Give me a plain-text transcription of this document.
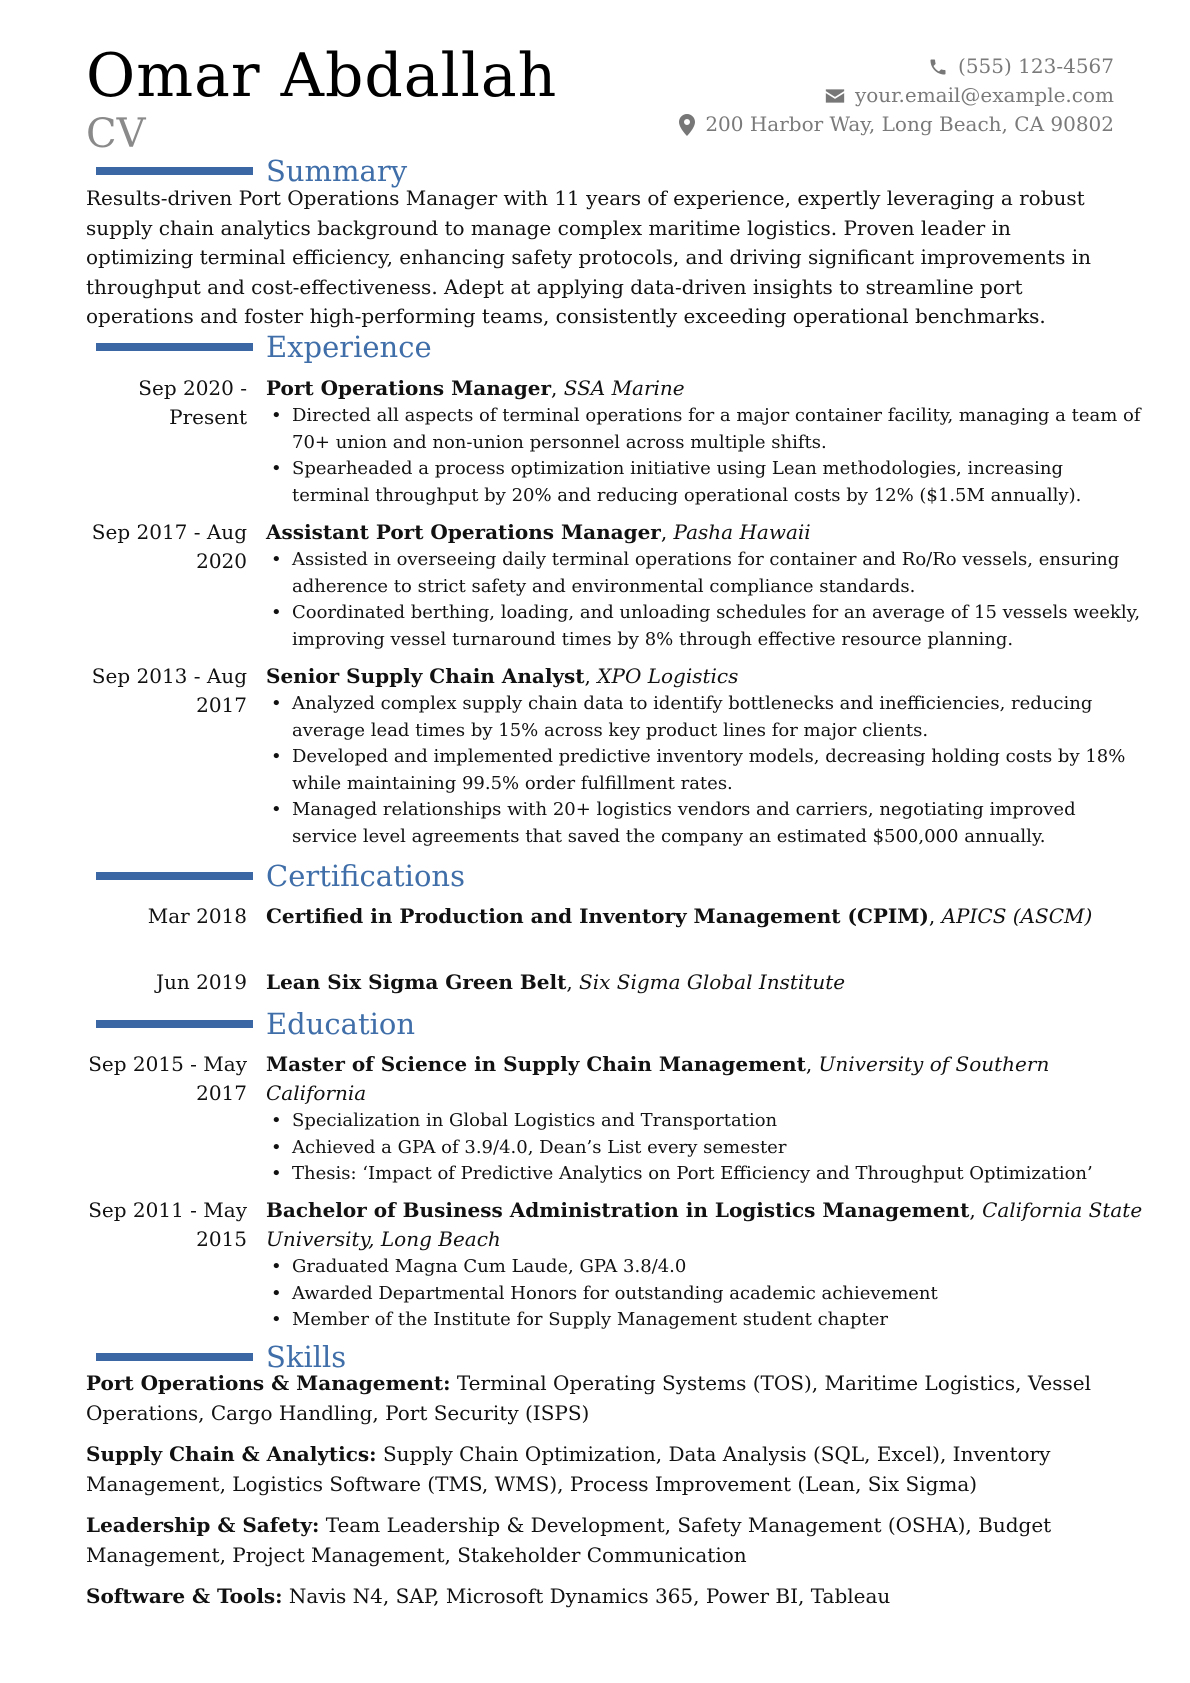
Omar Abdallah
CV
(555) 123-4567
your.email@example.com
200 Harbor Way, Long Beach, CA 90802
Summary
Results-driven Port Operations Manager with 11 years of experience, expertly leveraging a robust supply chain analytics background to manage complex maritime logistics. Proven leader in optimizing terminal efficiency, enhancing safety protocols, and driving significant improvements in throughput and cost-effectiveness. Adept at applying data-driven insights to streamline port operations and foster high-performing teams, consistently exceeding operational benchmarks.
Experience
Sep 2020 - Present
Port Operations Manager, SSA Marine
• Directed all aspects of terminal operations for a major container facility, managing a team of 70+ union and non-union personnel across multiple shifts.
• Spearheaded a process optimization initiative using Lean methodologies, increasing terminal throughput by 20% and reducing operational costs by 12% ($1.5M annually).
Sep 2017 - Aug 2020
Assistant Port Operations Manager, Pasha Hawaii
• Assisted in overseeing daily terminal operations for container and Ro/Ro vessels, ensuring adherence to strict safety and environmental compliance standards.
• Coordinated berthing, loading, and unloading schedules for an average of 15 vessels weekly, improving vessel turnaround times by 8% through effective resource planning.
Sep 2013 - Aug 2017
Senior Supply Chain Analyst, XPO Logistics
• Analyzed complex supply chain data to identify bottlenecks and inefficiencies, reducing average lead times by 15% across key product lines for major clients.
• Developed and implemented predictive inventory models, decreasing holding costs by 18% while maintaining 99.5% order fulfillment rates.
• Managed relationships with 20+ logistics vendors and carriers, negotiating improved service level agreements that saved the company an estimated $500,000 annually.
Certifications
Mar 2018 Certified in Production and Inventory Management (CPIM), APICS (ASCM)
Jun 2019 Lean Six Sigma Green Belt, Six Sigma Global Institute
Education
Sep 2015 - May 2017
Master of Science in Supply Chain Management, University of Southern California
• Specialization in Global Logistics and Transportation
• Achieved a GPA of 3.9/4.0, Dean’s List every semester
• Thesis: ‘Impact of Predictive Analytics on Port Efficiency and Throughput Optimization’
Sep 2011 - May 2015
Bachelor of Business Administration in Logistics Management, California State University, Long Beach
• Graduated Magna Cum Laude, GPA 3.8/4.0
• Awarded Departmental Honors for outstanding academic achievement
• Member of the Institute for Supply Management student chapter
Skills
Port Operations & Management: Terminal Operating Systems (TOS), Maritime Logistics, Vessel Operations, Cargo Handling, Port Security (ISPS)
Supply Chain & Analytics: Supply Chain Optimization, Data Analysis (SQL, Excel), Inventory Management, Logistics Software (TMS, WMS), Process Improvement (Lean, Six Sigma)
Leadership & Safety: Team Leadership & Development, Safety Management (OSHA), Budget Management, Project Management, Stakeholder Communication
Software & Tools: Navis N4, SAP, Microsoft Dynamics 365, Power BI, Tableau
